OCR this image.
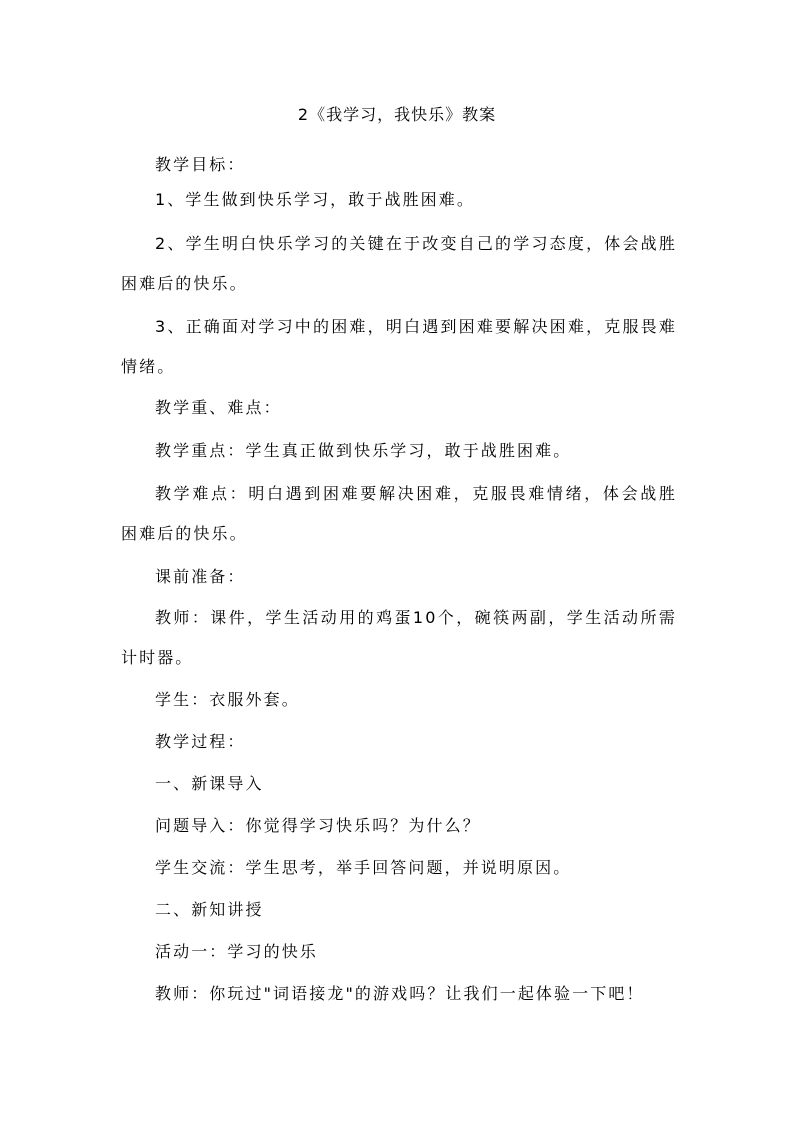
2《我学习，我快乐》教案
教学目标：
1、学生做到快乐学习，敢于战胜困难。
2、学生明白快乐学习的关键在于改变自己的学习态度，体会战胜困难后的快乐。
3、正确面对学习中的困难，明白遇到困难要解决困难，克服畏难情绪。
教学重、难点：
教学重点：学生真正做到快乐学习，敢于战胜困难。
教学难点：明白遇到困难要解决困难，克服畏难情绪，体会战胜困难后的快乐。
课前准备：
教师：课件，学生活动用的鸡蛋10个，碗筷两副，学生活动所需计时器。
学生：衣服外套。
教学过程：
一、新课导入
问题导入：你觉得学习快乐吗？为什么？
学生交流：学生思考，举手回答问题，并说明原因。
二、新知讲授
活动一：学习的快乐
教师：你玩过"词语接龙"的游戏吗？让我们一起体验一下吧！
